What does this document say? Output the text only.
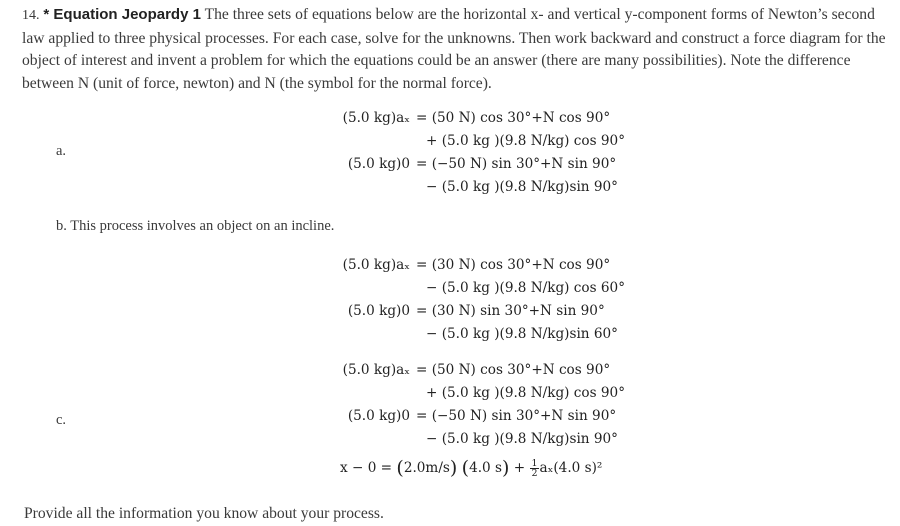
14. * Equation Jeopardy 1 The three sets of equations below are the horizontal x- and vertical y-component forms of Newton’s second law applied to three physical processes. For each case, solve for the unknowns. Then work backward and construct a force diagram for the object of interest and invent a problem for which the equations could be an answer (there are many possibilities). Note the difference between N (unit of force, newton) and N (the symbol for the normal force).
a.
(5.0 kg)aₓ = (50 N) cos 30°+N cos 90°
+ (5.0 kg )(9.8 N/kg) cos 90°
(5.0 kg)0 = (−50 N) sin 30°+N sin 90°
− (5.0 kg )(9.8 N/kg)sin 90°
b. This process involves an object on an incline.
(5.0 kg)aₓ = (30 N) cos 30°+N cos 90°
− (5.0 kg )(9.8 N/kg) cos 60°
(5.0 kg)0 = (30 N) sin 30°+N sin 90°
− (5.0 kg )(9.8 N/kg)sin 60°
c.
(5.0 kg)aₓ = (50 N) cos 30°+N cos 90°
+ (5.0 kg )(9.8 N/kg) cos 90°
(5.0 kg)0 = (−50 N) sin 30°+N sin 90°
− (5.0 kg )(9.8 N/kg)sin 90°
x − 0 = (2.0m/s) (4.0 $s) + \frac{1}{2} a_x(4.0$ s)²
Provide all the information you know about your process.
